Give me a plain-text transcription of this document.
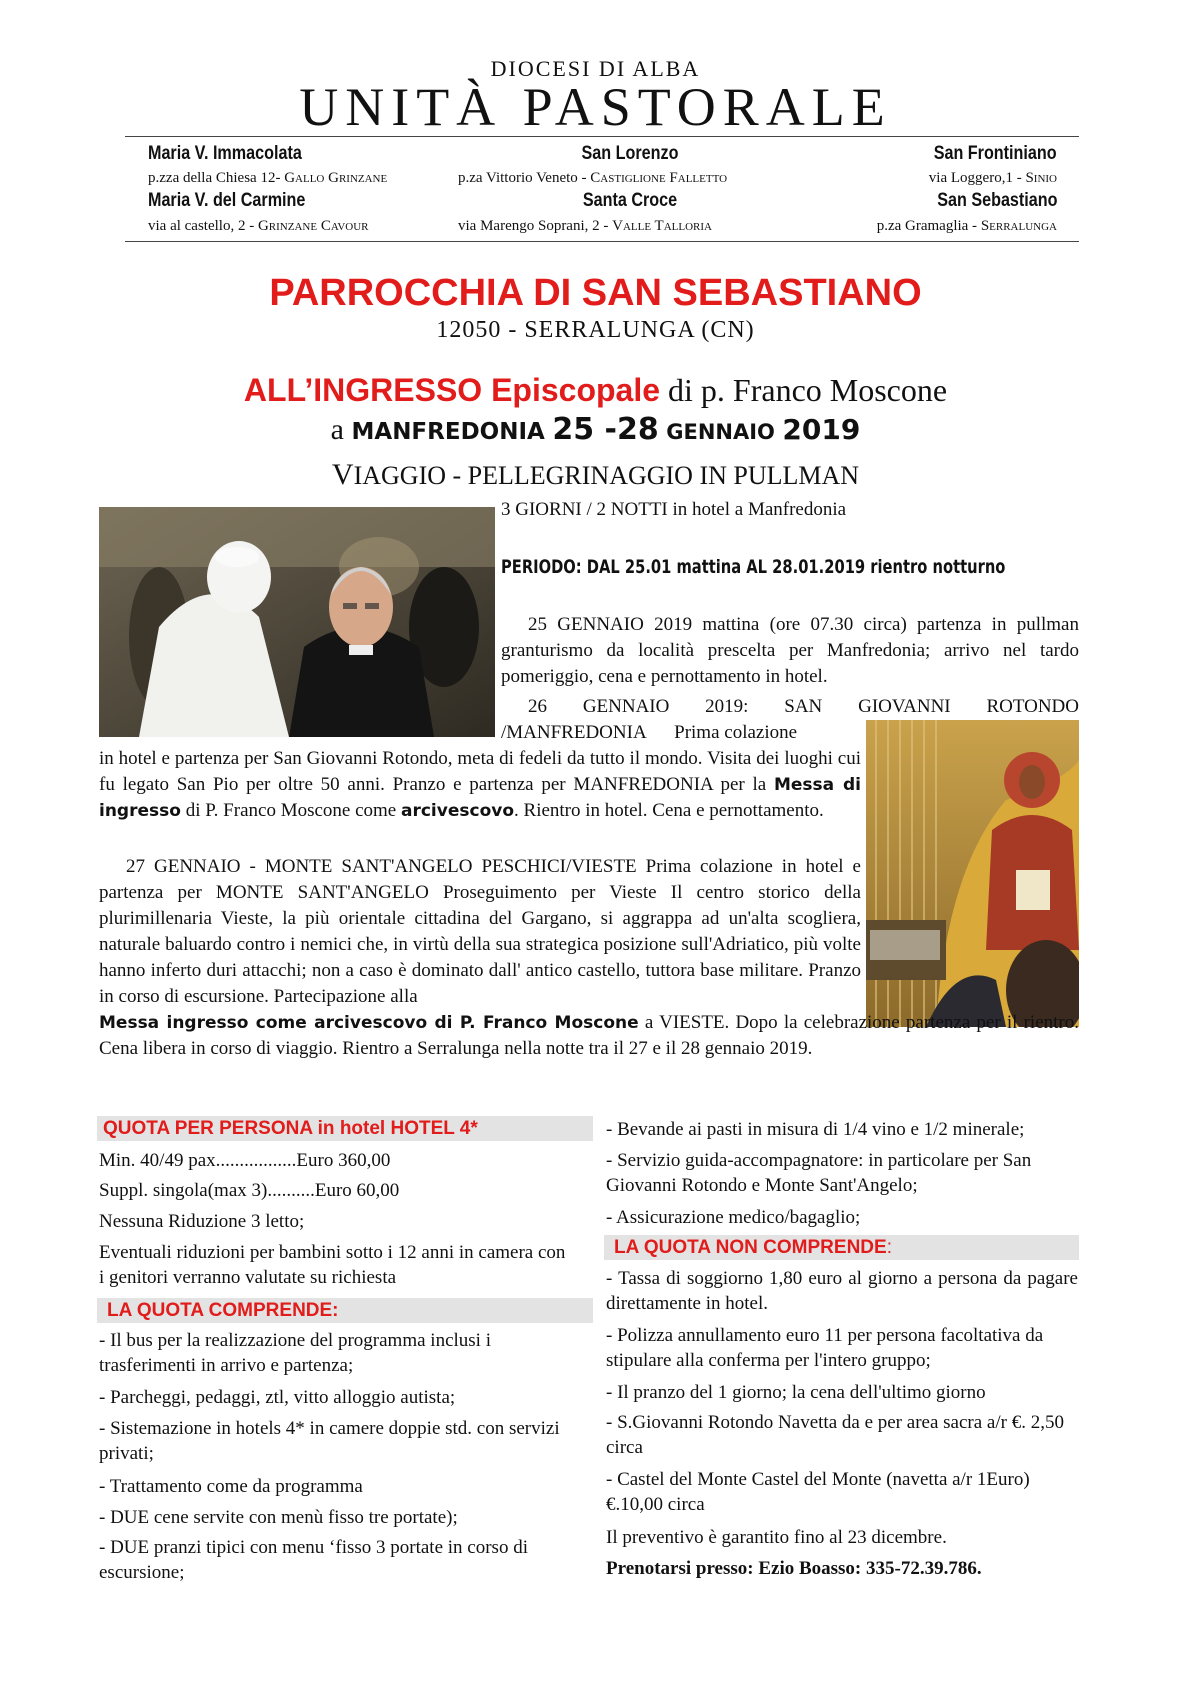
DIOCESI DI ALBA
UNITÀ PASTORALE
Maria V. Immacolata	San Lorenzo	San Frontiniano
p.zza della Chiesa 12- Gallo Grinzane	p.za Vittorio Veneto - Castiglione Falletto	via Loggero,1 - Sinio
Maria V. del Carmine	Santa Croce	San Sebastiano
via al castello, 2 - Grinzane Cavour	via Marengo Soprani, 2 - Valle Talloria	p.za Gramaglia - Serralunga
PARROCCHIA DI SAN SEBASTIANO
12050 - SERRALUNGA (CN)
ALL’INGRESSO Episcopale di p. Franco Moscone
a MANFREDONIA 25 -28 GENNAIO 2019
VIAGGIO - PELLEGRINAGGIO IN PULLMAN
3 GIORNI / 2 NOTTI in hotel a Manfredonia
PERIODO: DAL 25.01 mattina AL 28.01.2019 rientro notturno
25 GENNAIO 2019 mattina (ore 07.30 circa) partenza in pullman granturismo da località prescelta per Manfredonia; arrivo nel tardo pomeriggio, cena e pernottamento in hotel.
26 GENNAIO 2019: SAN GIOVANNI ROTONDO
/MANFREDONIA      Prima colazione
in hotel e partenza per San Giovanni Rotondo, meta di fedeli da tutto il mondo. Visita dei luoghi cui fu legato San Pio per oltre 50 anni. Pranzo e partenza per MANFREDONIA per la Messa di ingresso di P. Franco Moscone come arcivescovo. Rientro in hotel. Cena e pernottamento.
27 GENNAIO - MONTE SANT'ANGELO PESCHICI/VIESTE Prima colazione in hotel e partenza per MONTE SANT'ANGELO Proseguimento per Vieste Il centro storico della plurimillenaria Vieste, la più orientale cittadina del Gargano, si aggrappa ad un'alta scogliera, naturale baluardo contro i nemici che, in virtù della sua strategica posizione sull'Adriatico, più volte hanno inferto duri attacchi; non a caso è dominato dall' antico castello, tuttora base militare. Pranzo in corso di escursione. Partecipazione alla
Messa ingresso come arcivescovo di P. Franco Moscone a VIESTE. Dopo la celebrazione partenza per il rientro. Cena libera in corso di viaggio. Rientro a Serralunga nella notte tra il 27 e il 28 gennaio 2019.
QUOTA PER PERSONA in hotel HOTEL 4*
Min. 40/49 pax.................Euro 360,00
Suppl. singola(max 3)..........Euro 60,00
Nessuna Riduzione 3 letto;
Eventuali riduzioni per bambini sotto i 12 anni in camera con i genitori verranno valutate su richiesta
LA QUOTA COMPRENDE:
- Il bus per la realizzazione del programma inclusi i trasferimenti in arrivo e partenza;
- Parcheggi, pedaggi, ztl, vitto alloggio autista;
- Sistemazione in hotels 4* in camere doppie std. con servizi privati;
- Trattamento come da programma
- DUE cene servite con menù fisso tre portate);
- DUE pranzi tipici con menu ‘fisso 3 portate in corso di escursione;
- Bevande ai pasti in misura di 1/4 vino e 1/2 minerale;
- Servizio guida-accompagnatore: in particolare per San Giovanni Rotondo e Monte Sant'Angelo;
- Assicurazione medico/bagaglio;
LA QUOTA NON COMPRENDE:
- Tassa di soggiorno 1,80 euro al giorno a persona da pagare direttamente in hotel.
- Polizza annullamento euro 11 per persona facoltativa da stipulare alla conferma per l'intero gruppo;
- Il pranzo del 1 giorno; la cena dell'ultimo giorno
- S.Giovanni Rotondo Navetta da e per area sacra a/r €. 2,50 circa
- Castel del Monte Castel del Monte (navetta a/r 1Euro) €.10,00 circa
Il preventivo è garantito fino al 23 dicembre.
Prenotarsi presso: Ezio Boasso: 335-72.39.786.
